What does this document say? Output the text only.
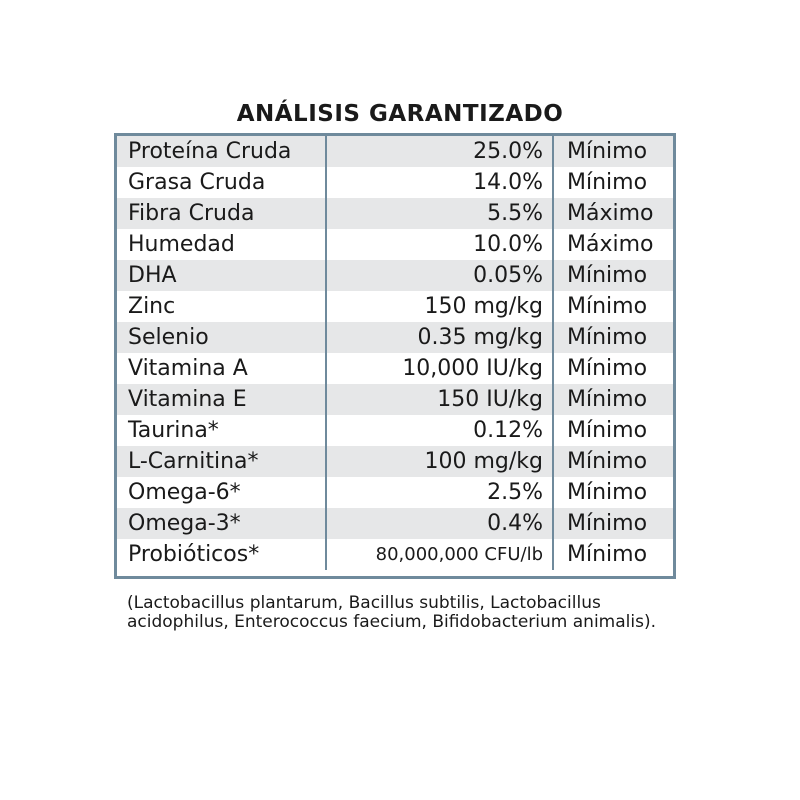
ANÁLISIS GARANTIZADO
Proteína Cruda	25.0%	Mínimo
Grasa Cruda	14.0%	Mínimo
Fibra Cruda	5.5%	Máximo
Humedad	10.0%	Máximo
DHA	0.05%	Mínimo
Zinc	150 mg/kg	Mínimo
Selenio	0.35 mg/kg	Mínimo
Vitamina A	10,000 IU/kg	Mínimo
Vitamina E	150 IU/kg	Mínimo
Taurina*	0.12%	Mínimo
L-Carnitina*	100 mg/kg	Mínimo
Omega-6*	2.5%	Mínimo
Omega-3*	0.4%	Mínimo
Probióticos*	80,000,000 CFU/lb	Mínimo
(Lactobacillus plantarum, Bacillus subtilis, Lactobacillus acidophilus, Enterococcus faecium, Bifidobacterium animalis).
